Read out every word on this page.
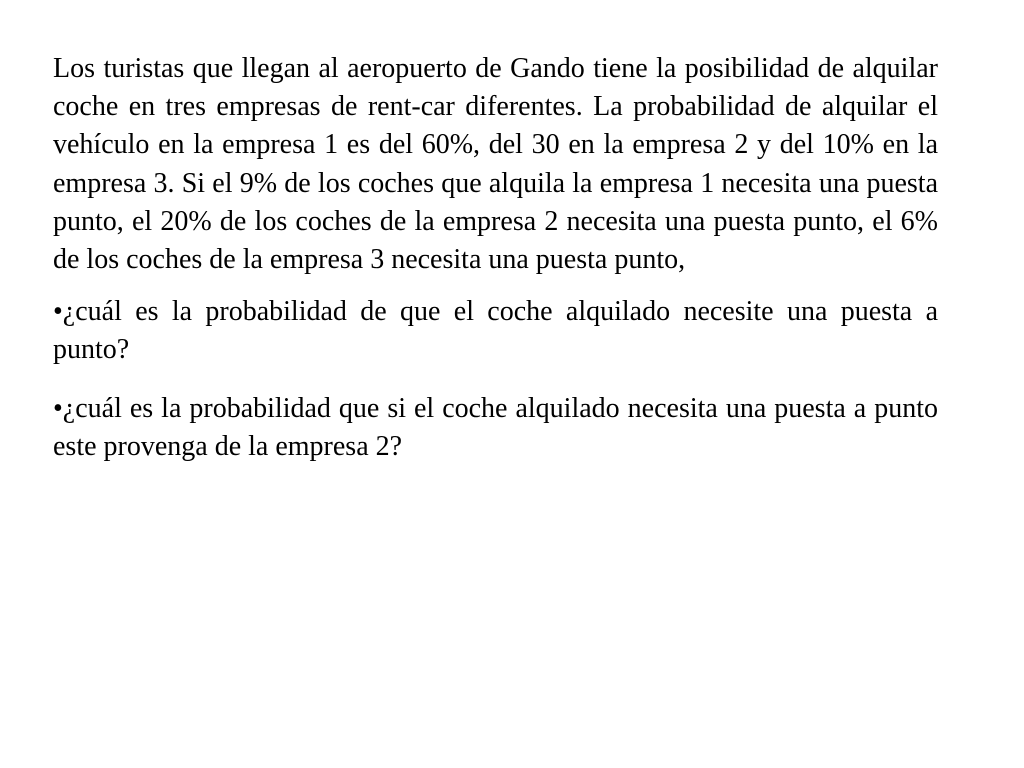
Los turistas que llegan al aeropuerto de Gando tiene la posibilidad de alquilar coche en tres empresas de rent-car diferentes. La probabilidad de alquilar el vehículo en la empresa 1 es del 60%, del 30 en la empresa 2 y del 10% en la empresa 3. Si el 9% de los coches que alquila la empresa 1 necesita una puesta punto, el 20% de los coches de la empresa 2 necesita una puesta punto, el 6% de los coches de la empresa 3 necesita una puesta punto,

•¿cuál es la probabilidad de que el coche alquilado necesite una puesta a punto?

•¿cuál es la probabilidad que si el coche alquilado necesita una puesta a punto este provenga de la empresa 2?
